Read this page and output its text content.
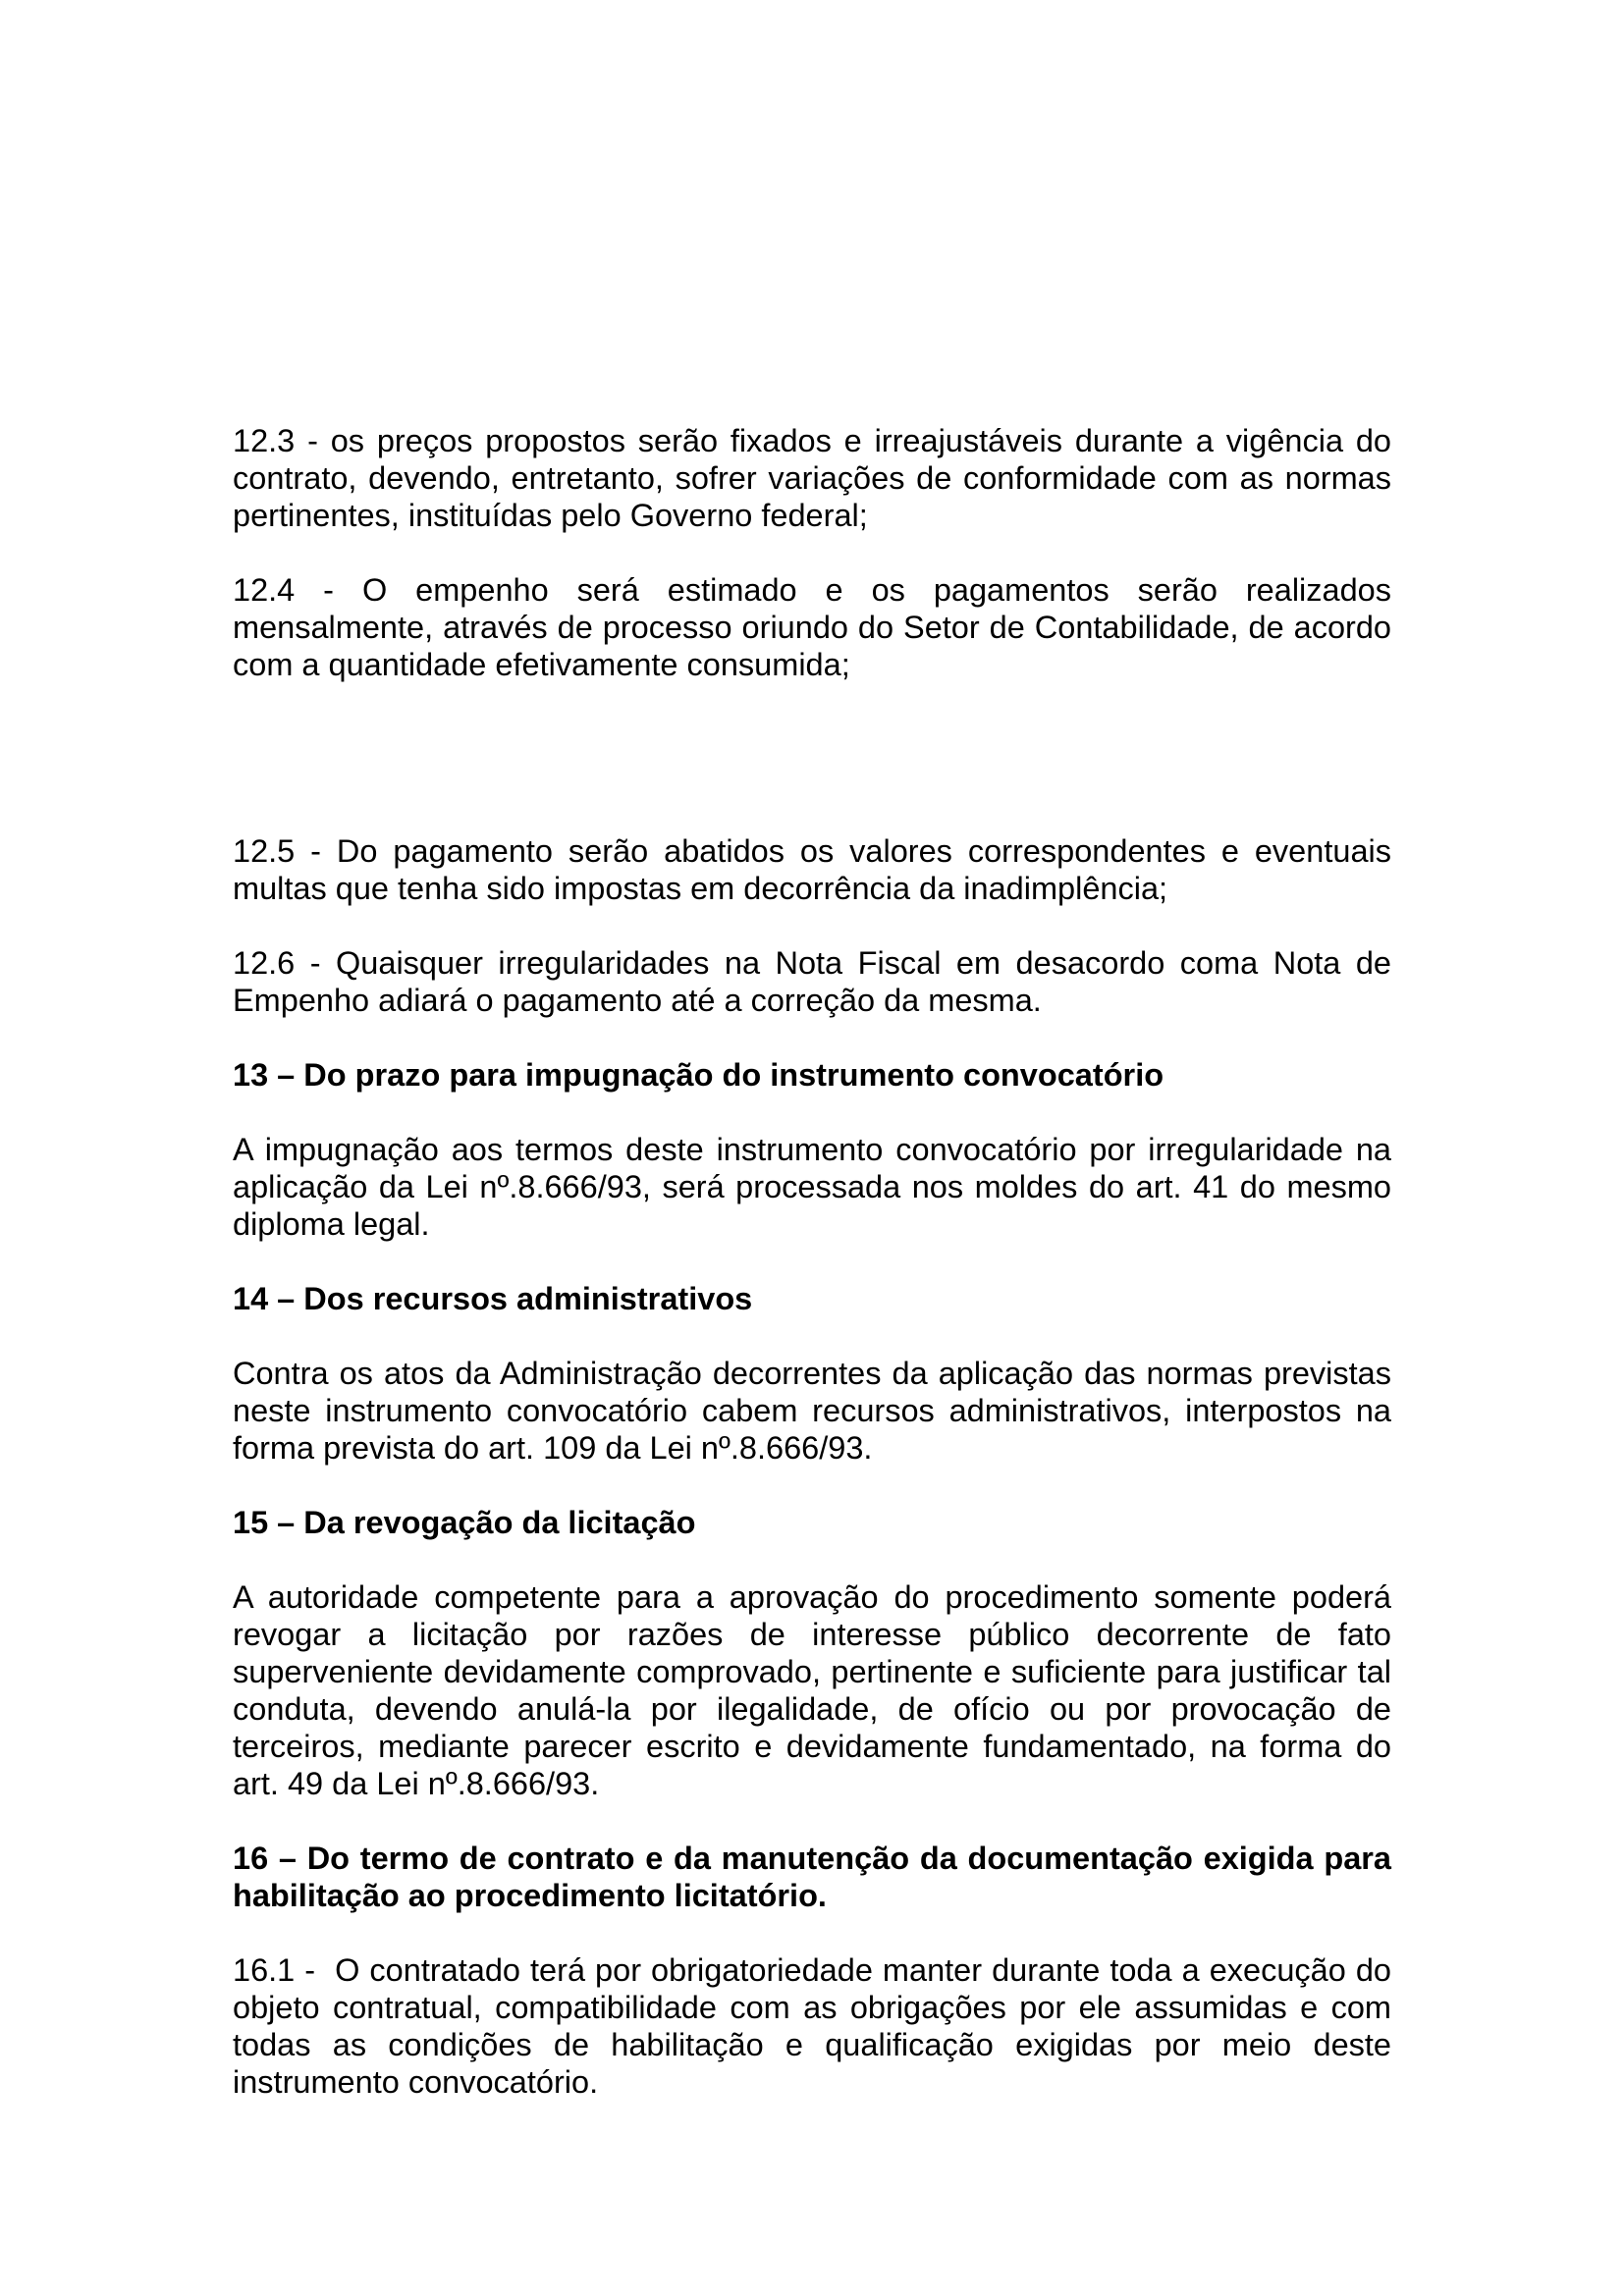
12.3 - os preços propostos serão fixados e irreajustáveis durante a vigência do contrato, devendo, entretanto, sofrer variações de conformidade com as normas pertinentes, instituídas pelo Governo federal;

12.4 - O empenho será estimado e os pagamentos serão realizados mensalmente, através de processo oriundo do Setor de Contabilidade, de acordo com a quantidade efetivamente consumida;

12.5 - Do pagamento serão abatidos os valores correspondentes e eventuais multas que tenha sido impostas em decorrência da inadimplência;

12.6 - Quaisquer irregularidades na Nota Fiscal em desacordo coma Nota de Empenho adiará o pagamento até a correção da mesma.

13 – Do prazo para impugnação do instrumento convocatório

A impugnação aos termos deste instrumento convocatório por irregularidade na aplicação da Lei nº.8.666/93, será processada nos moldes do art. 41 do mesmo diploma legal.

14 – Dos recursos administrativos

Contra os atos da Administração decorrentes da aplicação das normas previstas neste instrumento convocatório cabem recursos administrativos, interpostos na forma prevista do art. 109 da Lei nº.8.666/93.

15 – Da revogação da licitação

A autoridade competente para a aprovação do procedimento somente poderá revogar a licitação por razões de interesse público decorrente de fato superveniente devidamente comprovado, pertinente e suficiente para justificar tal conduta, devendo anulá-la por ilegalidade, de ofício ou por provocação de terceiros, mediante parecer escrito e devidamente fundamentado, na forma do art. 49 da Lei nº.8.666/93.

16 – Do termo de contrato e da manutenção da documentação exigida para habilitação ao procedimento licitatório.

16.1 -  O contratado terá por obrigatoriedade manter durante toda a execução do objeto contratual, compatibilidade com as obrigações por ele assumidas e com todas as condições de habilitação e qualificação exigidas por meio deste instrumento convocatório.
